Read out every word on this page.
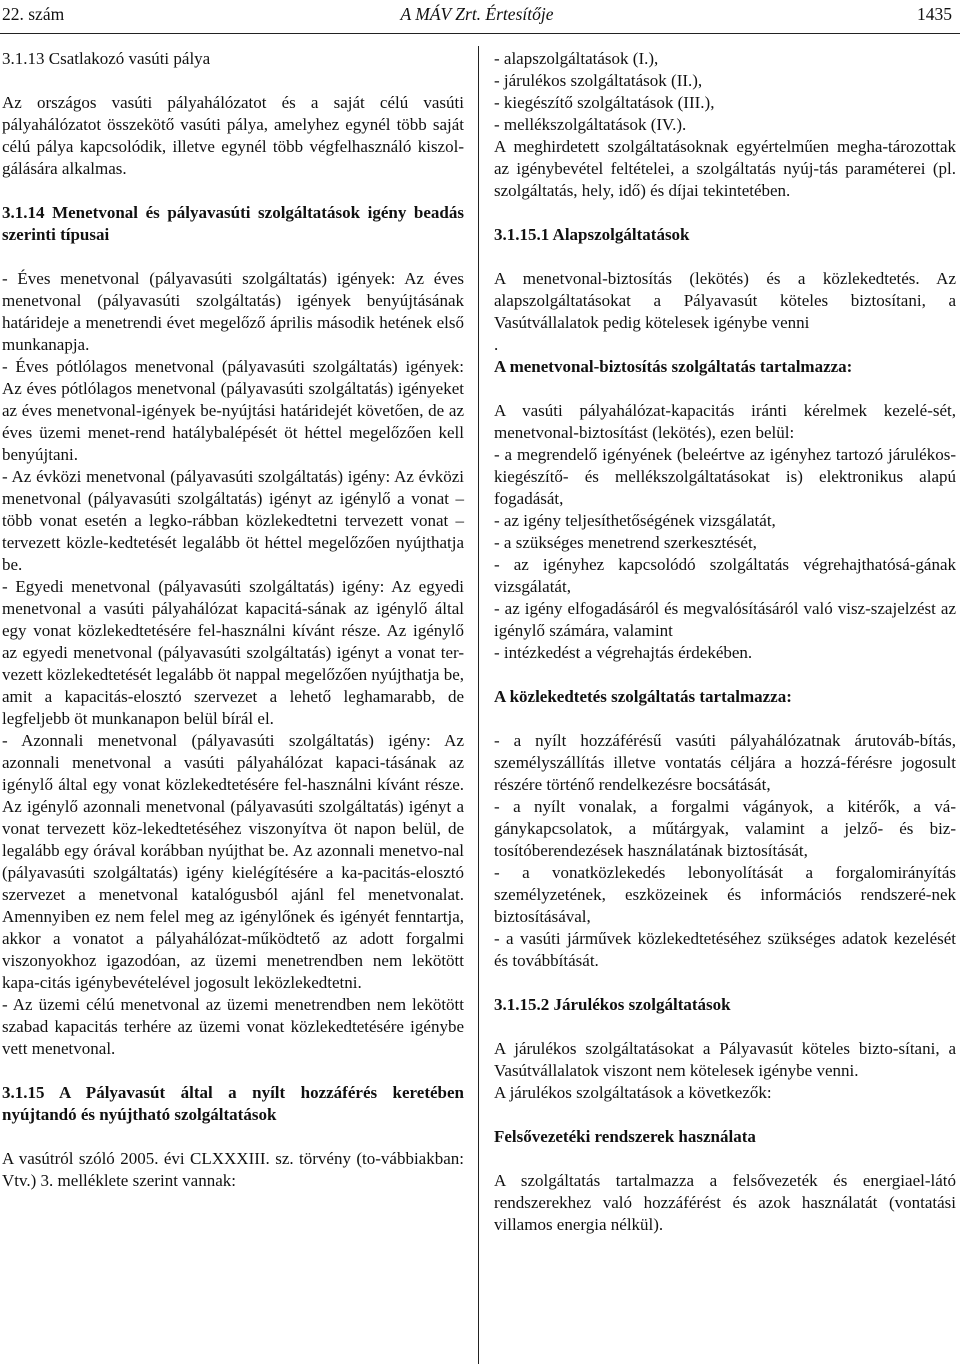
22. szám	A MÁV Zrt. Értesítője	1435

3.1.13 Csatlakozó vasúti pálya

Az országos vasúti pályahálózatot és a saját célú vasúti pályahálózatot összekötő vasúti pálya, amelyhez egynél több saját célú pálya kapcsolódik, illetve egynél több végfelhasználó kiszol-gálására alkalmas.

3.1.14 Menetvonal és pályavasúti szolgáltatások igény beadás szerinti típusai

- Éves menetvonal (pályavasúti szolgáltatás) igények: Az éves menetvonal (pályavasúti szolgáltatás) igények benyújtásának határideje a menetrendi évet megelőző április második hetének első munkanapja.

- Éves pótlólagos menetvonal (pályavasúti szolgáltatás) igények: Az éves pótlólagos menetvonal (pályavasúti szolgáltatás) igényeket az éves menetvonal-igények be-nyújtási határidejét követően, de az éves üzemi menet-rend hatálybalépését öt héttel megelőzően kell benyújtani.

- Az évközi menetvonal (pályavasúti szolgáltatás) igény: Az évközi menetvonal (pályavasúti szolgáltatás) igényt az igénylő a vonat – több vonat esetén a legko-rábban közlekedtetni tervezett vonat – tervezett közle-kedtetését legalább öt héttel megelőzően nyújthatja be.

- Egyedi menetvonal (pályavasúti szolgáltatás) igény: Az egyedi menetvonal a vasúti pályahálózat kapacitá-sának az igénylő által egy vonat közlekedtetésére fel-használni kívánt része. Az igénylő az egyedi menetvonal (pályavasúti szolgáltatás) igényt a vonat ter-vezett közlekedtetését legalább öt nappal megelőzően nyújthatja be, amit a kapacitás-elosztó szervezet a lehető leghamarabb, de legfeljebb öt munkanapon belül bírál el.

- Azonnali menetvonal (pályavasúti szolgáltatás) igény: Az azonnali menetvonal a vasúti pályahálózat kapaci-tásának az igénylő által egy vonat közlekedtetésére fel-használni kívánt része. Az igénylő azonnali menetvonal (pályavasúti szolgáltatás) igényt a vonat tervezett köz-lekedtetéséhez viszonyítva öt napon belül, de legalább egy órával korábban nyújthat be. Az azonnali menetvo-nal (pályavasúti szolgáltatás) igény kielégítésére a ka-pacitás-elosztó szervezet a menetvonal katalógusból ajánl fel menetvonalat. Amennyiben ez nem felel meg az igénylőnek és igényét fenntartja, akkor a vonatot a pályahálózat-működtető az adott forgalmi viszonyokhoz igazodóan, az üzemi menetrendben nem lekötött kapa-citás igénybevételével jogosult leközlekedtetni.

- Az üzemi célú menetvonal az üzemi menetrendben nem lekötött szabad kapacitás terhére az üzemi vonat közlekedtetésére igénybe vett menetvonal.

3.1.15 A Pályavasút által a nyílt hozzáférés keretében nyújtandó és nyújtható szolgáltatások

A vasútról szóló 2005. évi CLXXXIII. sz. törvény (to-vábbiakban: Vtv.) 3. melléklete szerint vannak:

- alapszolgáltatások (I.),

- járulékos szolgáltatások (II.),

- kiegészítő szolgáltatások (III.),

- mellékszolgáltatások (IV.).

A meghirdetett szolgáltatásoknak egyértelműen megha-tározottak az igénybevétel feltételei, a szolgáltatás nyúj-tás paraméterei (pl. szolgáltatás, hely, idő) és díjai tekintetében.

3.1.15.1 Alapszolgáltatások

A menetvonal-biztosítás (lekötés) és a közlekedtetés. Az alapszolgáltatásokat a Pályavasút köteles biztosítani, a Vasútvállalatok pedig kötelesek igénybe venni

.

A menetvonal-biztosítás szolgáltatás tartalmazza:

A vasúti pályahálózat-kapacitás iránti kérelmek kezelé-sét, menetvonal-biztosítást (lekötés), ezen belül:

- a megrendelő igényének (beleértve az igényhez tartozó járulékos-kiegészítő- és mellékszolgáltatásokat is) elektronikus alapú fogadását,

- az igény teljesíthetőségének vizsgálatát,

- a szükséges menetrend szerkesztését,

- az igényhez kapcsolódó szolgáltatás végrehajthatósá-gának vizsgálatát,

- az igény elfogadásáról és megvalósításáról való visz-szajelzést az igénylő számára, valamint

- intézkedést a végrehajtás érdekében.

A közlekedtetés szolgáltatás tartalmazza:

- a nyílt hozzáférésű vasúti pályahálózatnak árutováb-bítás, személyszállítás illetve vontatás céljára a hozzá-férésre jogosult részére történő rendelkezésre bocsátását,

- a nyílt vonalak, a forgalmi vágányok, a kitérők, a vá-gánykapcsolatok, a műtárgyak, valamint a jelző- és biz-tosítóberendezések használatának biztosítását,

- a vonatközlekedés lebonyolítását a forgalomirányítás személyzetének, eszközeinek és információs rendszeré-nek biztosításával,

- a vasúti járművek közlekedtetéséhez szükséges adatok kezelését és továbbítását.

3.1.15.2 Járulékos szolgáltatások

A járulékos szolgáltatásokat a Pályavasút köteles bizto-sítani, a Vasútvállalatok viszont nem kötelesek igénybe venni.

A járulékos szolgáltatások a következők:

Felsővezetéki rendszerek használata

A szolgáltatás tartalmazza a felsővezeték és energiael-látó rendszerekhez való hozzáférést és azok használatát (vontatási villamos energia nélkül).
